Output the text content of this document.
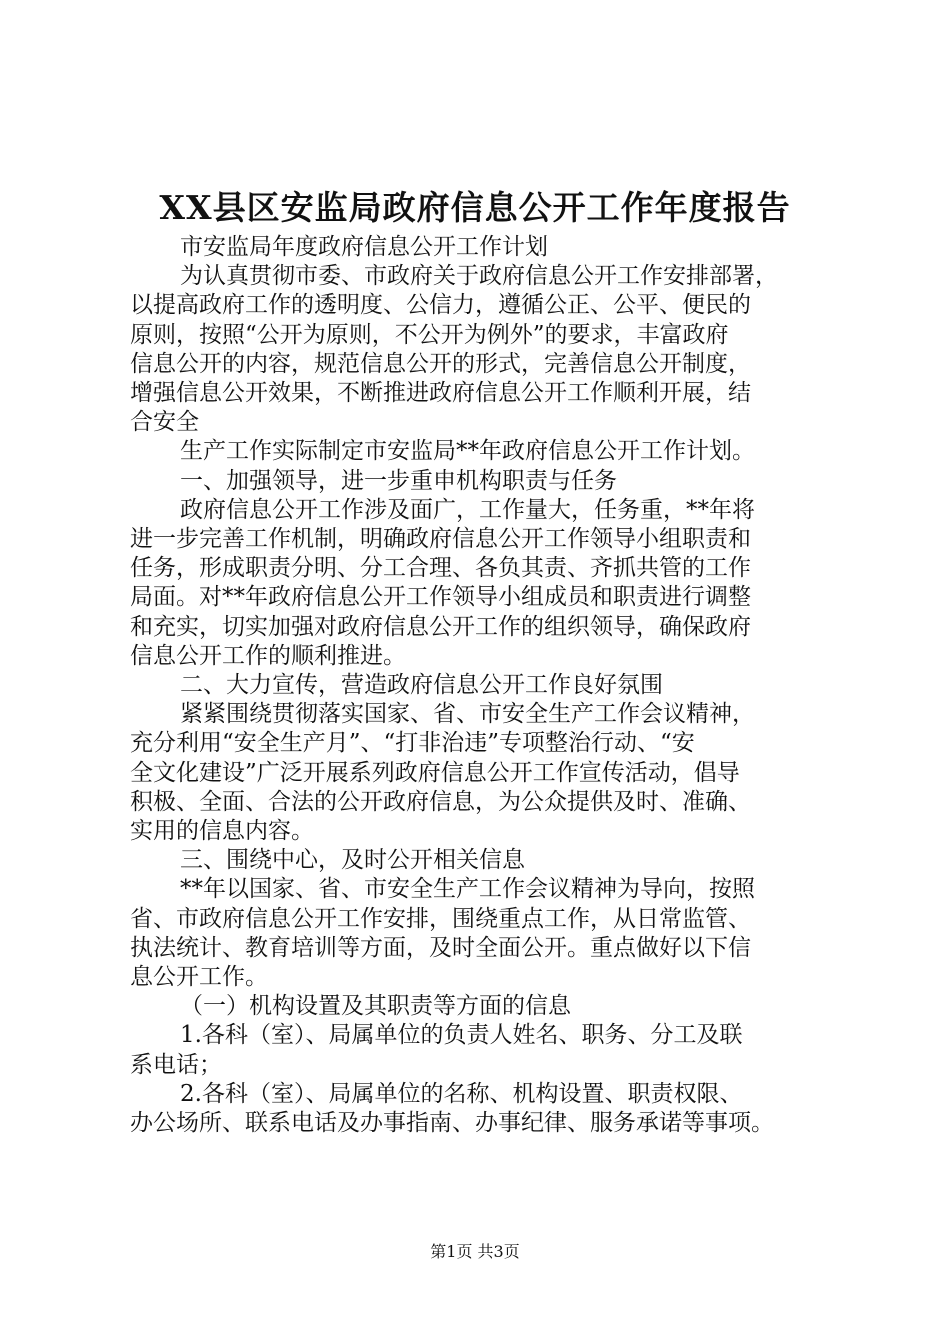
XX县区安监局政府信息公开工作年度报告

市安监局年度政府信息公开工作计划

为认真贯彻市委、市政府关于政府信息公开工作安排部署，

以提高政府工作的透明度、公信力，遵循公正、公平、便民的

原则，按照“公开为原则，不公开为例外”的要求，丰富政府

信息公开的内容，规范信息公开的形式，完善信息公开制度，

增强信息公开效果，不断推进政府信息公开工作顺利开展，结

合安全

生产工作实际制定市安监局**年政府信息公开工作计划。

一、加强领导，进一步重申机构职责与任务

政府信息公开工作涉及面广，工作量大，任务重，**年将

进一步完善工作机制，明确政府信息公开工作领导小组职责和

任务，形成职责分明、分工合理、各负其责、齐抓共管的工作

局面。对**年政府信息公开工作领导小组成员和职责进行调整

和充实，切实加强对政府信息公开工作的组织领导，确保政府

信息公开工作的顺利推进。

二、大力宣传，营造政府信息公开工作良好氛围

紧紧围绕贯彻落实国家、省、市安全生产工作会议精神，

充分利用“安全生产月”、“打非治违”专项整治行动、“安

全文化建设”广泛开展系列政府信息公开工作宣传活动，倡导

积极、全面、合法的公开政府信息，为公众提供及时、准确、

实用的信息内容。

三、围绕中心，及时公开相关信息

**年以国家、省、市安全生产工作会议精神为导向，按照

省、市政府信息公开工作安排，围绕重点工作，从日常监管、

执法统计、教育培训等方面，及时全面公开。重点做好以下信

息公开工作。

（一）机构设置及其职责等方面的信息

1.各科（室）、局属单位的负责人姓名、职务、分工及联

系电话；

2.各科（室）、局属单位的名称、机构设置、职责权限、

办公场所、联系电话及办事指南、办事纪律、服务承诺等事项。

第1页 共3页
